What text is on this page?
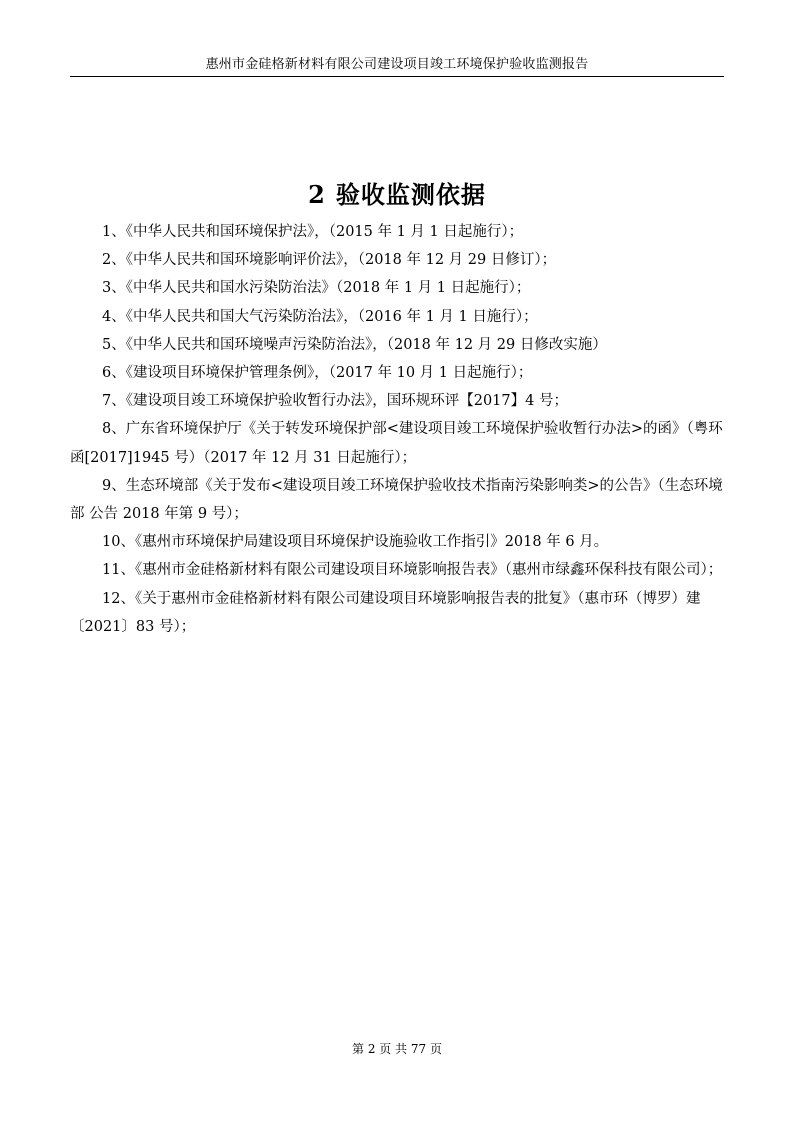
惠州市金硅格新材料有限公司建设项目竣工环境保护验收监测报告
2 验收监测依据

1、《中华人民共和国环境保护法》，（2015 年 1 月 1 日起施行）；

2、《中华人民共和国环境影响评价法》，（2018 年 12 月 29 日修订）；

3、《中华人民共和国水污染防治法》（2018 年 1 月 1 日起施行）；

4、《中华人民共和国大气污染防治法》，（2016 年 1 月 1 日施行）；

5、《中华人民共和国环境噪声污染防治法》，（2018 年 12 月 29 日修改实施）

6、《建设项目环境保护管理条例》，（2017 年 10 月 1 日起施行）；

7、《建设项目竣工环境保护验收暂行办法》，国环规环评【2017】4 号；

8、广东省环境保护厅《关于转发环境保护部<建设项目竣工环境保护验收暂行办法>的函》（粤环函[2017]1945 号）（2017 年 12 月 31 日起施行）；

9、生态环境部《关于发布<建设项目竣工环境保护验收技术指南污染影响类>的公告》（生态环境部 公告 2018 年第 9 号）；

10、《惠州市环境保护局建设项目环境保护设施验收工作指引》2018 年 6 月。

11、《惠州市金硅格新材料有限公司建设项目环境影响报告表》（惠州市绿鑫环保科技有限公司）；

12、《关于惠州市金硅格新材料有限公司建设项目环境影响报告表的批复》（惠市环（博罗）建〔2021〕83 号）；

第 2 页 共 77 页
